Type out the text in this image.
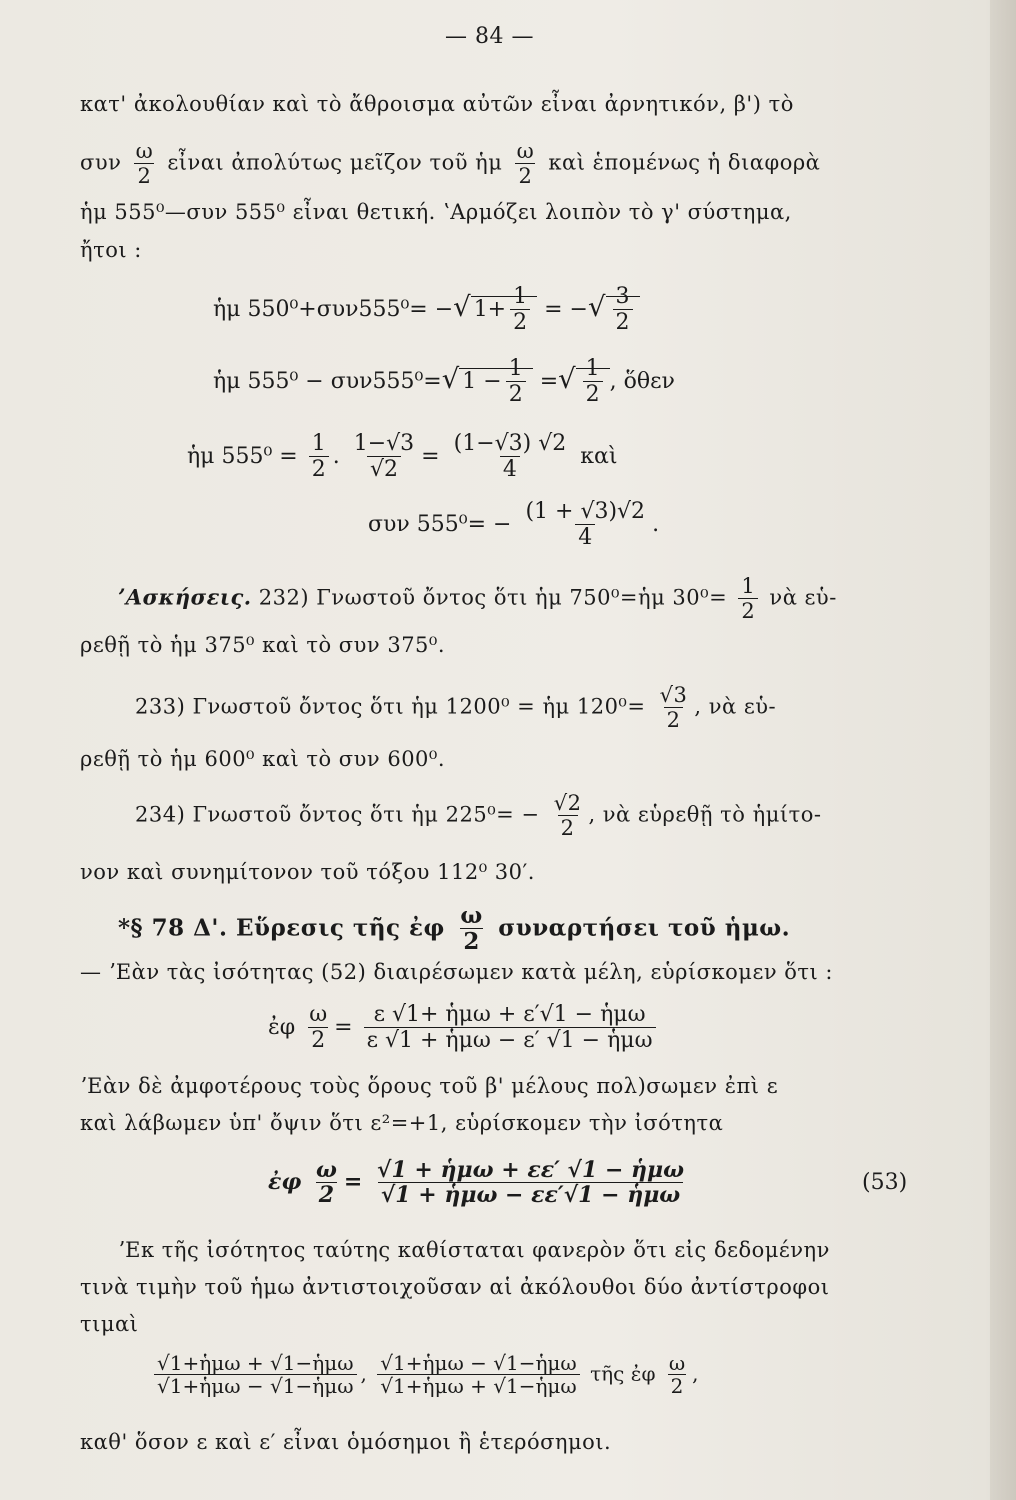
— 84 —
κατ' ἀκολουθίαν καὶ τὸ ἄθροισμα αὐτῶν εἶναι ἀρνητικόν, β') τὸ
συν $\frac{\omega}{2}$ εἶναι ἀπολύτως μεῖζον τοῦ ἡμ $\frac{\omega}{2}$ καὶ ἑπομένως ἡ διαφορὰ
ἡμ 555⁰—συν 555⁰ εἶναι θετική. ʽΑρμόζει λοιπὸν τὸ γ' σύστημα,
ἤτοι :
ἡμ 550⁰+συν555⁰= −√ $1+ \frac{1}{2}$ = −√ $\frac{3}{2}$
ἡμ 555⁰ − συν555⁰=√ $1 - \frac{1}{2}$ =√ $\frac{1}{2}$ , ὅθεν
ἡμ $555^0 = \frac{1}{2}$ . $\frac{1-√3}{√2} = \frac{(1-√3) √2}{4}$ καὶ
συν $555^0= - \frac{(1 + √3)√2}{4}$ .
ʼΑσκήσεις. 232) Γνωστοῦ ὄντος ὅτι ἡμ 750⁰=ἡμ $30^0= \frac{1}{2}$ νὰ εὑ-
ρεθῇ τὸ ἡμ 375⁰ καὶ τὸ συν 375⁰.
233) Γνωστοῦ ὄντος ὅτι ἡμ 1200⁰ = ἡμ $120^0= \frac{√3}{2}$ , νὰ εὑ-
ρεθῇ τὸ ἡμ 600⁰ καὶ τὸ συν 600⁰.
234) Γνωστοῦ ὄντος ὅτι ἡμ $225^0= - \frac{√2}{2}$ , νὰ εὑρεθῇ τὸ ἡμίτο-
νον καὶ συνημίτονον τοῦ τόξου 112⁰ 30′.
*§ 78 Δ'. Εὕρεσις τῆς ἐφ $\frac{\omega}{2}$ συναρτήσει τοῦ ἡμω.
— ʼΕὰν τὰς ἰσότητας (52) διαιρέσωμεν κατὰ μέλη, εὑρίσκομεν ὅτι :
ἐφ $\frac{\omega}{2} = \frac{\text{ε √1+ ἡμω + ε′√1 − ἡμω}}{\text{ε √1 + ἡμω − ε′ √1 − ἡμω}}$
ʼΕὰν δὲ ἀμφοτέρους τοὺς ὅρους τοῦ β' μέλους πολ)σωμεν ἐπὶ ε
καὶ λάβωμεν ὑπ' ὄψιν ὅτι ε²=+1, εὑρίσκομεν τὴν ἰσότητα
ἐφ $\frac{\omega}{2} = \frac{\text{√1 + ἡμω + εε′ √1 − ἡμω}}{\text{√1 + ἡμω − εε′√1 − ἡμω}}$	(53)
ʼΕκ τῆς ἰσότητος ταύτης καθίσταται φανερὸν ὅτι εἰς δεδομένην
τινὰ τιμὴν τοῦ ἡμω ἀντιστοιχοῦσαν αἱ ἀκόλουθοι δύο ἀντίστροφοι
τιμαὶ
$\frac{\text{√1+ἡμω + √1−ἡμω}}{\text{√1+ἡμω − √1−ἡμω}}$ , $\frac{\text{√1+ἡμω − √1−ἡμω}}{\text{√1+ἡμω + √1−ἡμω}}$ τῆς ἐφ $\frac{\omega}{2}$ ,
καθ' ὅσον ε καὶ ε′ εἶναι ὁμόσημοι ἢ ἑτερόσημοι.
